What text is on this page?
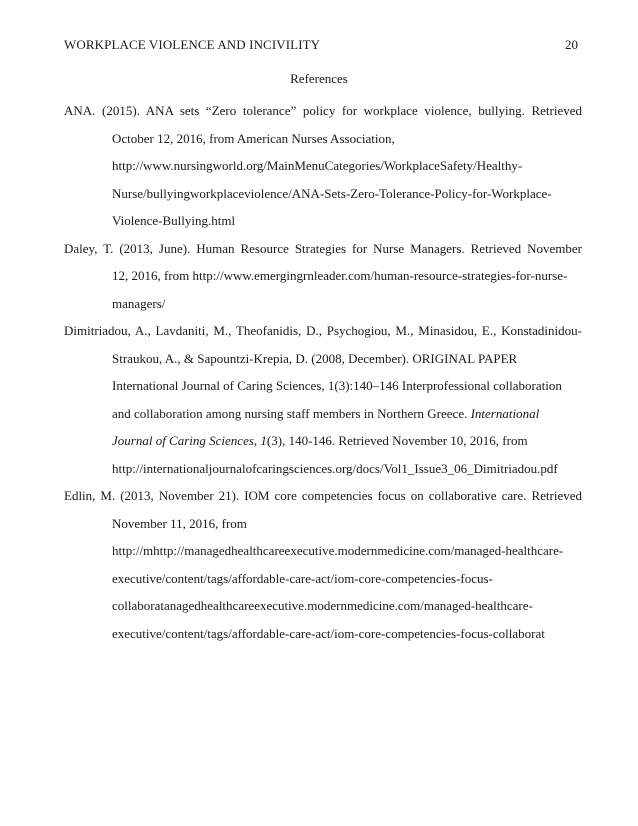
WORKPLACE VIOLENCE AND INCIVILITY	20
References
ANA. (2015). ANA sets “Zero tolerance” policy for workplace violence, bullying. Retrieved
October 12, 2016, from American Nurses Association,
http://www.nursingworld.org/MainMenuCategories/WorkplaceSafety/Healthy-
Nurse/bullyingworkplaceviolence/ANA-Sets-Zero-Tolerance-Policy-for-Workplace-
Violence-Bullying.html
Daley, T. (2013, June). Human Resource Strategies for Nurse Managers. Retrieved November
12, 2016, from http://www.emergingrnleader.com/human-resource-strategies-for-nurse-
managers/
Dimitriadou, A., Lavdaniti, M., Theofanidis, D., Psychogiou, M., Minasidou, E., Konstadinidou-
Straukou, A., & Sapountzi-Krepia, D. (2008, December). ORIGINAL PAPER
International Journal of Caring Sciences, 1(3):140–146 Interprofessional collaboration
and collaboration among nursing staff members in Northern Greece. International
Journal of Caring Sciences, 1(3), 140-146. Retrieved November 10, 2016, from
http://internationaljournalofcaringsciences.org/docs/Vol1_Issue3_06_Dimitriadou.pdf
Edlin, M. (2013, November 21). IOM core competencies focus on collaborative care. Retrieved
November 11, 2016, from
http://mhttp://managedhealthcareexecutive.modernmedicine.com/managed-healthcare-
executive/content/tags/affordable-care-act/iom-core-competencies-focus-
collaboratanagedhealthcareexecutive.modernmedicine.com/managed-healthcare-
executive/content/tags/affordable-care-act/iom-core-competencies-focus-collaborat
